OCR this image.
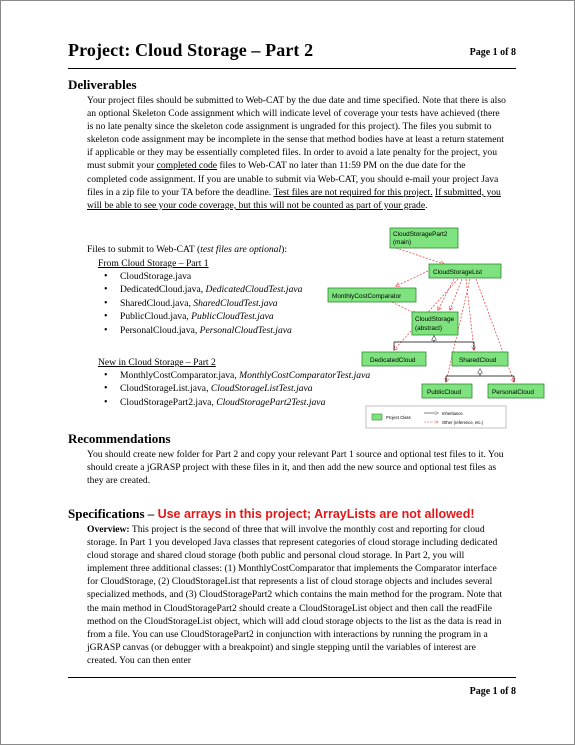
Project: Cloud Storage – Part 2	Page 1 of 8
Deliverables

Your project files should be submitted to Web-CAT by the due date and time specified. Note that there is also an optional Skeleton Code assignment which will indicate level of coverage your tests have achieved (there is no late penalty since the skeleton code assignment is ungraded for this project). The files you submit to skeleton code assignment may be incomplete in the sense that method bodies have at least a return statement if applicable or they may be essentially completed files. In order to avoid a late penalty for the project, you must submit your completed code files to Web-CAT no later than 11:59 PM on the due date for the completed code assignment. If you are unable to submit via Web-CAT, you should e-mail your project Java files in a zip file to your TA before the deadline. Test files are not required for this project. If submitted, you will be able to see your code coverage, but this will not be counted as part of your grade.

Files to submit to Web-CAT (test files are optional):
From Cloud Storage – Part 1
• CloudStorage.java
• DedicatedCloud.java, DedicatedCloudTest.java
• SharedCloud.java, SharedCloudTest.java
• PublicCloud.java, PublicCloudTest.java
• PersonalCloud.java, PersonalCloudTest.java
New in Cloud Storage – Part 2
• MonthlyCostComparator.java, MonthlyCostComparatorTest.java
• CloudStorageList.java, CloudStorageListTest.java
• CloudStoragePart2.java, CloudStoragePart2Test.java
CloudStoragePart2
(main)
CloudStorageList
MonthlyCostComparator
CloudStorage
(abstract)
DedicatedCloud	SharedCloud
PublicCloud	PersonalCloud
Project Class
Inheritance
Other (reference, etc.)
Recommendations

You should create new folder for Part 2 and copy your relevant Part 1 source and optional test files to it. You should create a jGRASP project with these files in it, and then add the new source and optional test files as they are created.

Specifications – Use arrays in this project; ArrayLists are not allowed!

Overview: This project is the second of three that will involve the monthly cost and reporting for cloud storage. In Part 1 you developed Java classes that represent categories of cloud storage including dedicated cloud storage and shared cloud storage (both public and personal cloud storage. In Part 2, you will implement three additional classes: (1) MonthlyCostComparator that implements the Comparator interface for CloudStorage, (2) CloudStorageList that represents a list of cloud storage objects and includes several specialized methods, and (3) CloudStoragePart2 which contains the main method for the program. Note that the main method in CloudStoragePart2 should create a CloudStorageList object and then call the readFile method on the CloudStorageList object, which will add cloud storage objects to the list as the data is read in from a file. You can use CloudStoragePart2 in conjunction with interactions by running the program in a jGRASP canvas (or debugger with a breakpoint) and single stepping until the variables of interest are created. You can then enter

Page 1 of 8
